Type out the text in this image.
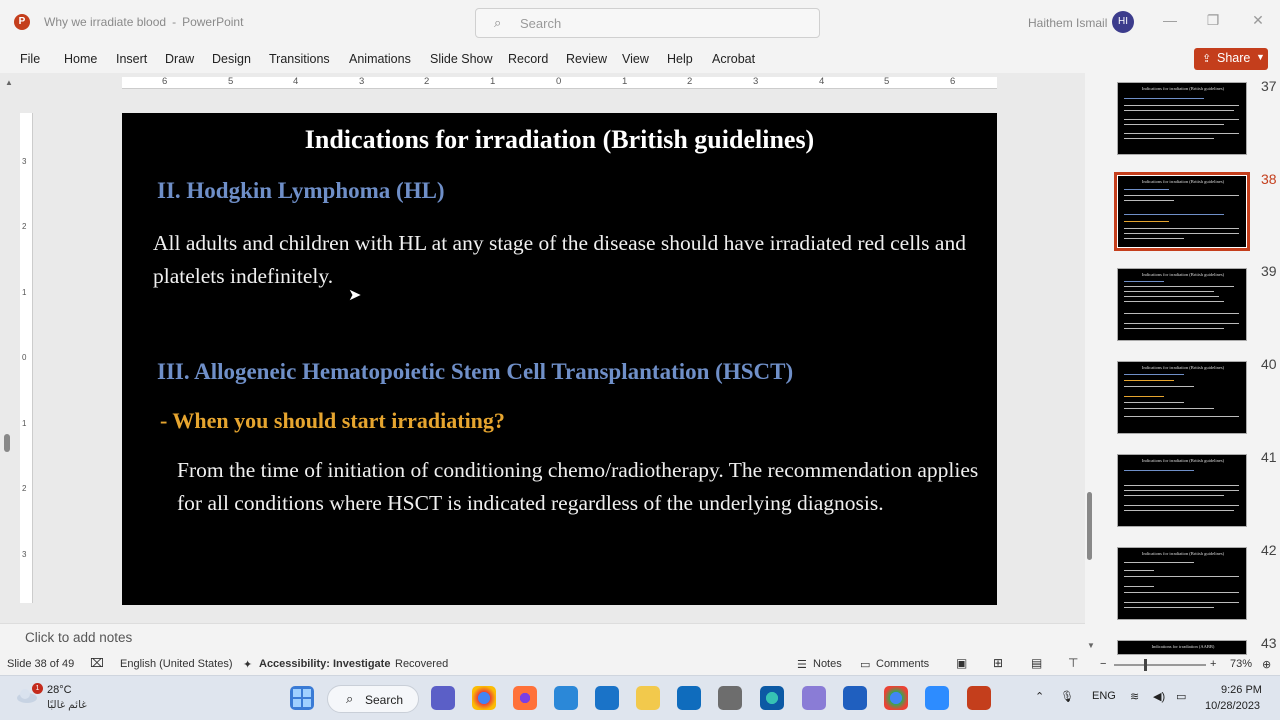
P	Why we irradiate blood - PowerPoint	⌕ Search	Haithem Ismail	HI	— ❐ ✕
File Home Insert Draw Design Transitions Animations Slide Show Record Review View Help Acrobat	⇪ Share ▼
▲	6	5	4	3	2	1	0	1	2	3	4	5	6
3
2
1
0
1
2
3
Indications for irradiation (British guidelines)
II. Hodgkin Lymphoma (HL)
All adults and children with HL at any stage of the disease should have irradiated red cells and platelets indefinitely.
III. Allogeneic Hematopoietic Stem Cell Transplantation (HSCT)
- When you should start irradiating?
From the time of initiation of conditioning chemo/radiotherapy. The recommendation applies for all conditions where HSCT is indicated regardless of the underlying diagnosis.
➤
Click to add notes
37
Indications for irradiation (British guidelines)
38
Indications for irradiation (British guidelines)
39
Indications for irradiation (British guidelines)
40
Indications for irradiation (British guidelines)
41
Indications for irradiation (British guidelines)
42
Indications for irradiation (British guidelines)
43
Indications for irradiation (AABB)
▼
Slide 38 of 49 ⌧ English (United States) ✦ Accessibility: Investigate Recovered	☰ Notes ▭ Comments ▣ ⊞ ▤ ⊤ −	+ 73% ⊕
1 28°C
غائم غالبًا	⌕ Search	⌃ 🎙 ENG ≋ ◀) ▭
9:26 PM
10/28/2023
